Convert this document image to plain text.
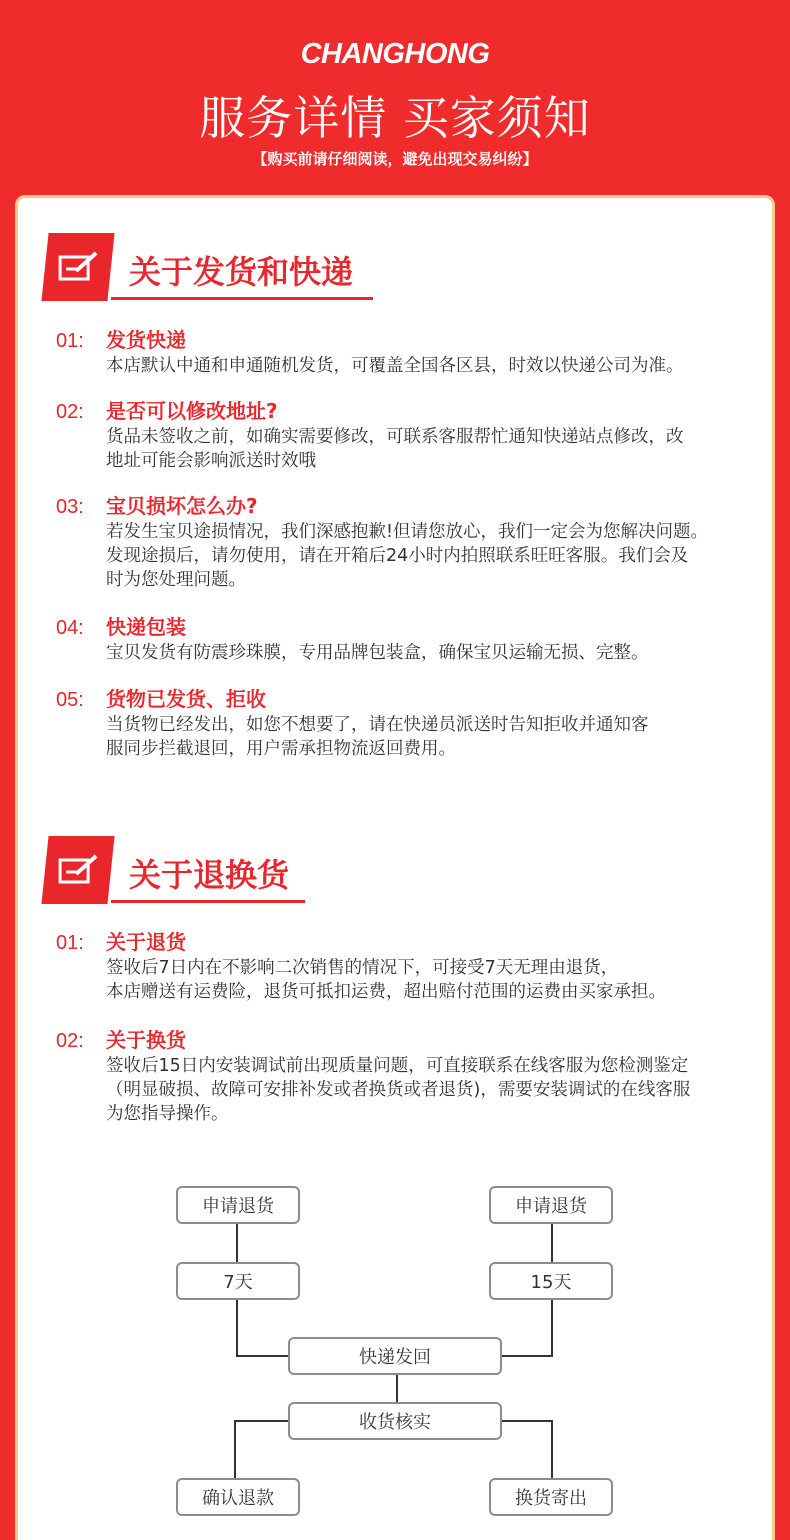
CHANGHONG
服务详情 买家须知
【购买前请仔细阅读，避免出现交易纠纷】
关于发货和快递
01: 发货快递
本店默认中通和申通随机发货，可覆盖全国各区县，时效以快递公司为准。
02: 是否可以修改地址?
货品未签收之前，如确实需要修改，可联系客服帮忙通知快递站点修改，改
地址可能会影响派送时效哦
03: 宝贝损坏怎么办?
若发生宝贝途损情况，我们深感抱歉!但请您放心，我们一定会为您解决问题。
发现途损后，请勿使用，请在开箱后24小时内拍照联系旺旺客服。我们会及
时为您处理问题。
04: 快递包装
宝贝发货有防震珍珠膜，专用品牌包装盒，确保宝贝运输无损、完整。
05: 货物已发货、拒收
当货物已经发出，如您不想要了，请在快递员派送时告知拒收并通知客
服同步拦截退回，用户需承担物流返回费用。
关于退换货
01: 关于退货
签收后7日内在不影响二次销售的情况下，可接受7天无理由退货，
本店赠送有运费险，退货可抵扣运费，超出赔付范围的运费由买家承担。
02: 关于换货
签收后15日内安装调试前出现质量问题，可直接联系在线客服为您检测鉴定
（明显破损、故障可安排补发或者换货或者退货)，需要安装调试的在线客服
为您指导操作。
申请退货	申请退货
7天	15天
快递发回
收货核实
确认退款	换货寄出
